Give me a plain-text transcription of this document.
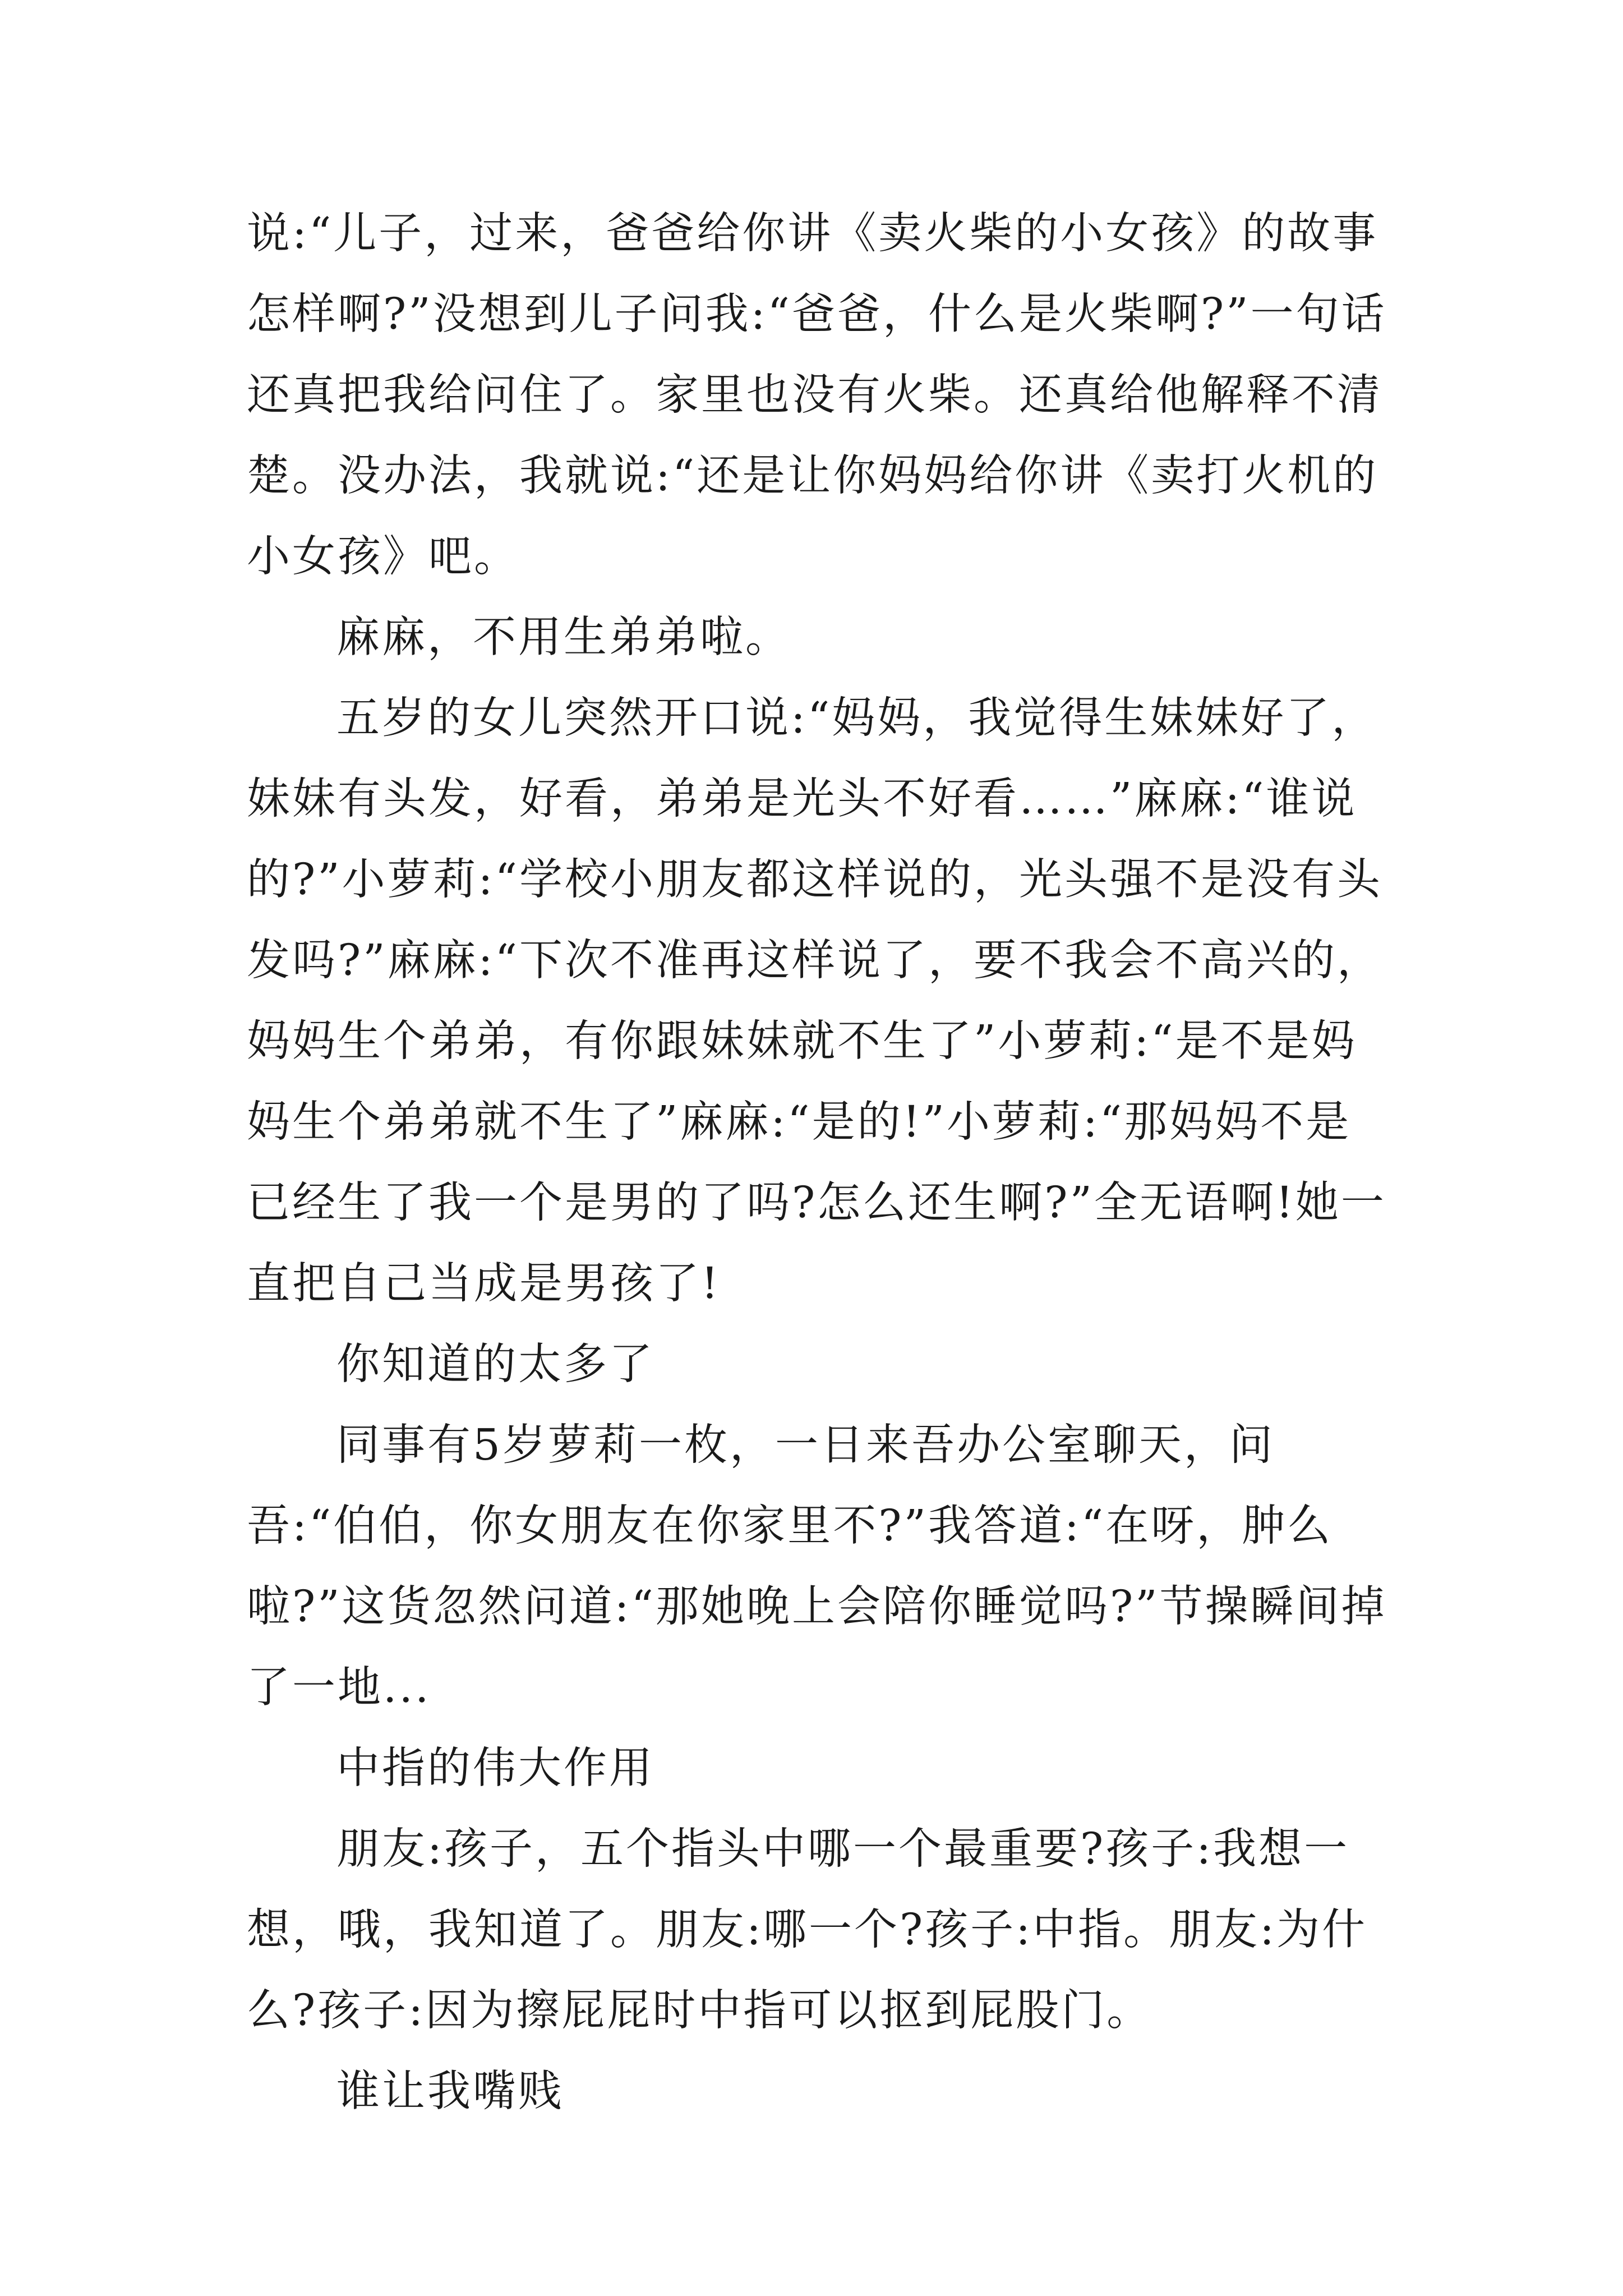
说:“儿子，过来，爸爸给你讲《卖火柴的小女孩》的故事怎样啊?”没想到儿子问我:“爸爸，什么是火柴啊?”一句话还真把我给问住了。家里也没有火柴。还真给他解释不清楚。没办法，我就说:“还是让你妈妈给你讲《卖打火机的小女孩》吧。

麻麻，不用生弟弟啦。

五岁的女儿突然开口说:“妈妈，我觉得生妹妹好了，妹妹有头发，好看，弟弟是光头不好看……”麻麻:“谁说的?”小萝莉:“学校小朋友都这样说的，光头强不是没有头发吗?”麻麻:“下次不准再这样说了，要不我会不高兴的，妈妈生个弟弟，有你跟妹妹就不生了”小萝莉:“是不是妈妈生个弟弟就不生了”麻麻:“是的!”小萝莉:“那妈妈不是已经生了我一个是男的了吗?怎么还生啊?”全无语啊!她一直把自己当成是男孩了!

你知道的太多了

同事有5岁萝莉一枚，一日来吾办公室聊天，问吾:“伯伯，你女朋友在你家里不?”我答道:“在呀，肿么啦?”这货忽然问道:“那她晚上会陪你睡觉吗?”节操瞬间掉了一地...

中指的伟大作用

朋友:孩子，五个指头中哪一个最重要?孩子:我想一想，哦，我知道了。朋友:哪一个?孩子:中指。朋友:为什么?孩子:因为擦屁屁时中指可以抠到屁股门。

谁让我嘴贱
